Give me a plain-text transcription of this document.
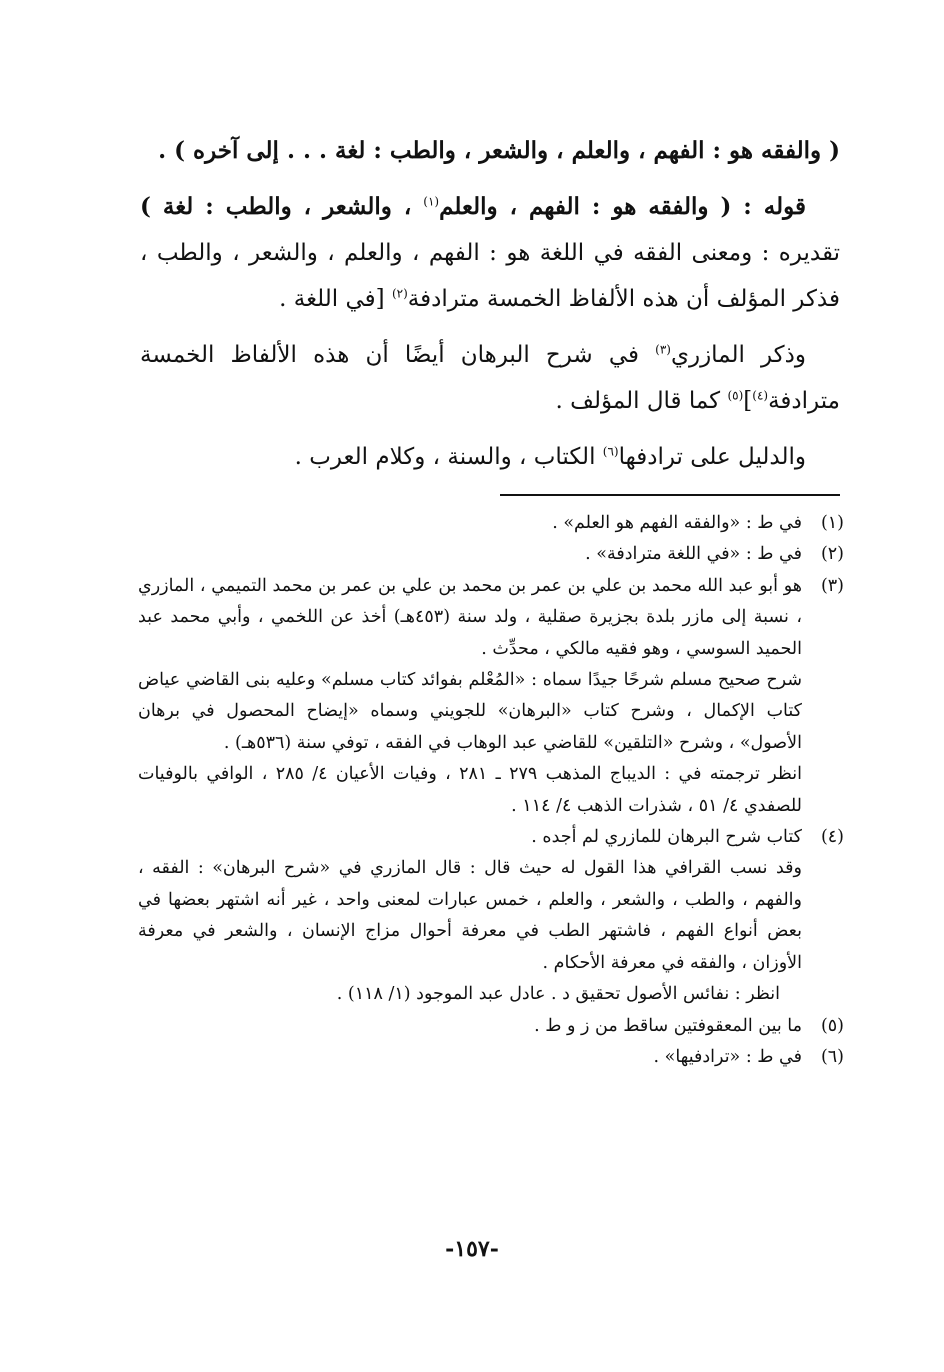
( والفقه هو : الفهم ، والعلم ، والشعر ، والطب : لغة . . . إلى آخره ) .

قوله : ( والفقه هو : الفهم ، والعلم$^{(١)}$ ، والشعر ، والطب : لغة ) تقديره : ومعنى الفقه في اللغة هو : الفهم ، والعلم ، والشعر ، والطب ، فذكر المؤلف أن هذه الألفاظ الخمسة مترادفة$^{(٢)}$ [في اللغة .

وذكر المازري$^{(٣)}$ في شرح البرهان أيضًا أن هذه الألفاظ الخمسة مترادفة$^{(٤)}$]$^{(٥)}$ كما قال المؤلف .

والدليل على ترادفها$^{(٦)}$ الكتاب ، والسنة ، وكلام العرب .

(١)
في ط : «والفقه الفهم هو العلم» .
(٢)
في ط : «في اللغة مترادفة» .
(٣)
هو أبو عبد الله محمد بن علي بن عمر بن محمد بن علي بن عمر بن محمد التميمي ، المازري ، نسبة إلى مازر بلدة بجزيرة صقلية ، ولد سنة (٤٥٣هـ) أخذ عن اللخمي ، وأبي محمد عبد الحميد السوسي ، وهو فقيه مالكي ، محدِّث .
شرح صحيح مسلم شرحًا جيدًا سماه : «المُعْلم بفوائد كتاب مسلم» وعليه بنى القاضي عياض كتاب الإكمال ، وشرح كتاب «البرهان» للجويني وسماه «إيضاح المحصول في برهان الأصول» ، وشرح «التلقين» للقاضي عبد الوهاب في الفقه ، توفي سنة (٥٣٦هـ) .
انظر ترجمته في : الديباج المذهب ٢٧٩ ـ ٢٨١ ، وفيات الأعيان ٤/ ٢٨٥ ، الوافي بالوفيات للصفدي ٤/ ٥١ ، شذرات الذهب ٤/ ١١٤ .
(٤)
كتاب شرح البرهان للمازري لم أجده .
وقد نسب القرافي هذا القول له حيث قال : قال المازري في «شرح البرهان» : الفقه ، والفهم ، والطب ، والشعر ، والعلم ، خمس عبارات لمعنى واحد ، غير أنه اشتهر بعضها في بعض أنواع الفهم ، فاشتهر الطب في معرفة أحوال مزاج الإنسان ، والشعر في معرفة الأوزان ، والفقه في معرفة الأحكام .
انظر : نفائس الأصول تحقيق د . عادل عبد الموجود (١/ ١١٨) .
(٥)
ما بين المعقوفتين ساقط من ز و ط .
(٦)
في ط : «ترادفيها» .
-١٥٧-
